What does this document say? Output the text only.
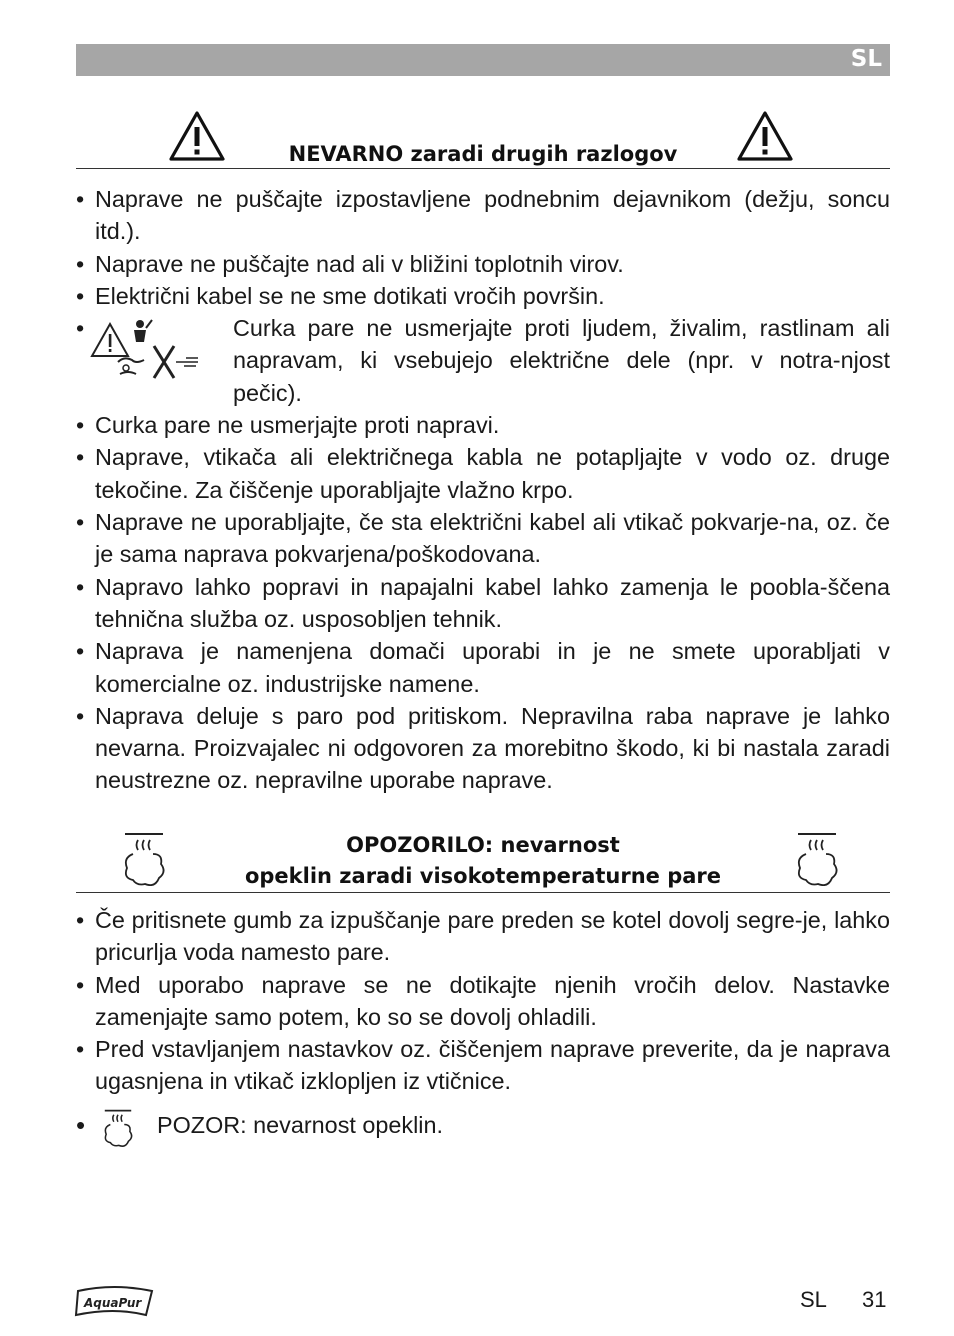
SL
NEVARNO zaradi drugih razlogov
• Naprave ne puščajte izpostavljene podnebnim dejavnikom (dežju, soncu itd.).
• Naprave ne puščajte nad ali v bližini toplotnih virov.
• Električni kabel se ne sme dotikati vročih površin.
• Curka pare ne usmerjajte proti ljudem, živalim, rastlinam ali napravam, ki vsebujejo električne dele (npr. v notra-njost pečic).
• Curka pare ne usmerjajte proti napravi.
• Naprave, vtikača ali električnega kabla ne potapljajte v vodo oz. druge tekočine. Za čiščenje uporabljajte vlažno krpo.
• Naprave ne uporabljajte, če sta električni kabel ali vtikač pokvarje-na, oz. če je sama naprava pokvarjena/poškodovana.
• Napravo lahko popravi in napajalni kabel lahko zamenja le poobla-ščena tehnična služba oz. usposobljen tehnik.
• Naprava je namenjena domači uporabi in je ne smete uporabljati v komercialne oz. industrijske namene.
• Naprava deluje s paro pod pritiskom. Nepravilna raba naprave je lahko nevarna. Proizvajalec ni odgovoren za morebitno škodo, ki bi nastala zaradi neustrezne oz. nepravilne uporabe naprave.
OPOZORILO: nevarnost
opeklin zaradi visokotemperaturne pare
• Če pritisnete gumb za izpuščanje pare preden se kotel dovolj segre-je, lahko pricurlja voda namesto pare.
• Med uporabo naprave se ne dotikajte njenih vročih delov. Nastavke zamenjajte samo potem, ko so se dovolj ohladili.
• Pred vstavljanjem nastavkov oz. čiščenjem naprave preverite, da je naprava ugasnjena in vtikač izklopljen iz vtičnice.
•	POZOR: nevarnost opeklin.
AquaPur	SL 31
